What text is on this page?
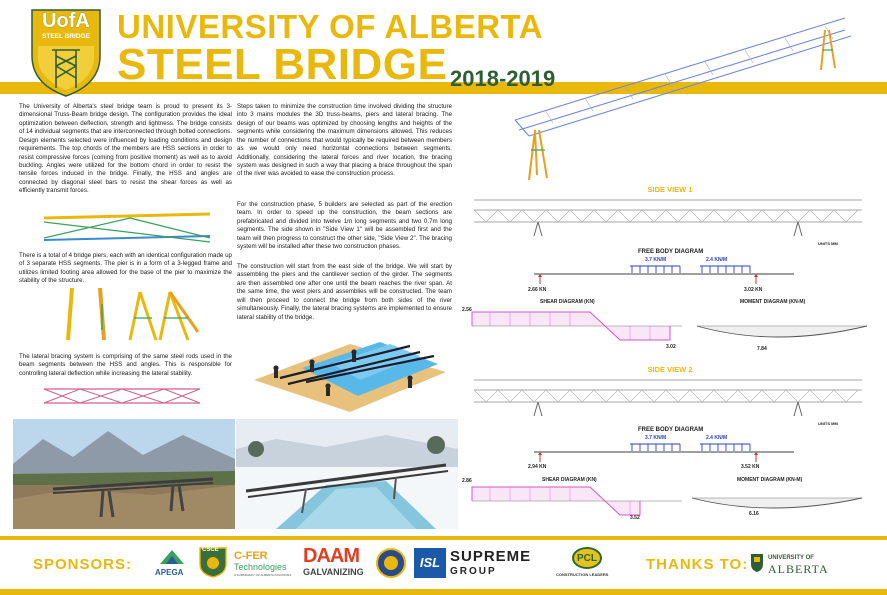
UofA
STEEL BRIDGE UNIVERSITY OF ALBERTA
STEEL BRIDGE 2018-2019
The University of Alberta's steel bridge team is proud to present its 3-dimensional Truss-Beam bridge design. The configuration provides the ideal optimization between deflection, strength and lightness. The bridge consists of 14 individual segments that are interconnected through bolted connections. Design elements selected were influenced by loading conditions and design requirements. The top chords of the members are HSS sections in order to resist compressive forces (coming from positive moment) as well as to avoid buckling. Angles were utilized for the bottom chord in order to resist the tensile forces induced in the bridge. Finally, the HSS and angles are connected by diagonal steel bars to resist the shear forces as well as efficiently transmit forces.
There is a total of 4 bridge piers, each with an identical configuration made up of 3 separate HSS segments. The pier is in a form of a 3-legged frame and utilizes limited footing area allowed for the base of the pier to maximize the stability of the structure.
The lateral bracing system is comprising of the same steel rods used in the beam segments between the HSS and angles. This is responsible for controlling lateral deflection while increasing the lateral stability.
Steps taken to minimize the construction time involved dividing the structure into 3 mains modules the 3D truss-beams, piers and lateral bracing. The design of our beams was optimized by choosing lengths and heights of the segments while considering the maximum dimensions allowed. This reduces the number of connections that would typically be required between members as we would only need horizontal connections between segments. Additionally, considering the lateral forces and river location, the bracing system was designed in such a way that placing a brace throughout the span of the river was avoided to ease the construction process.
For the construction phase, 5 builders are selected as part of the erection team. In order to speed up the construction, the beam sections are prefabricated and divided into twelve 1m long segments and two 0.7m long segments. The side shown in "Side View 1" will be assembled first and the team will then progress to construct the other side, "Side View 2". The bracing system will be installed after these two construction phases.
The construction will start from the east side of the bridge. We will start by assembling the piers and the cantilever section of the girder. The segments are then assembled one after one until the beam reaches the river span. At the same time, the west piers and assemblies will be constructed. The team will then proceed to connect the bridge from both sides of the river simultaneously. Finally, the lateral bracing systems are implemented to ensure lateral stability of the bridge.
SIDE VIEW 1
UNITS MM
FREE BODY DIAGRAM
3.7 KN/M	2.4 KN/M
2.66 KN	3.02 KN
SHEAR DIAGRAM (KN)
2.56
3.02
MOMENT DIAGRAM (KN-M)
7.84
SIDE VIEW 2
UNITS MM
FREE BODY DIAGRAM
3.7 KN/M	2.4 KN/M
2.94 KN	3.52 KN
SHEAR DIAGRAM (KN)
2.86
3.52
MOMENT DIAGRAM (KN-M)
6.16
SPONSORS:	APEGA
CSCE C-FER
Technologies
A SUBSIDIARY OF ALBERTA INNOVATES
DAAM
GALVANIZING
ISL SUPREME
GROUP
PCL
CONSTRUCTION LEADERS
THANKS TO:	UNIVERSITY OF
ALBERTA
